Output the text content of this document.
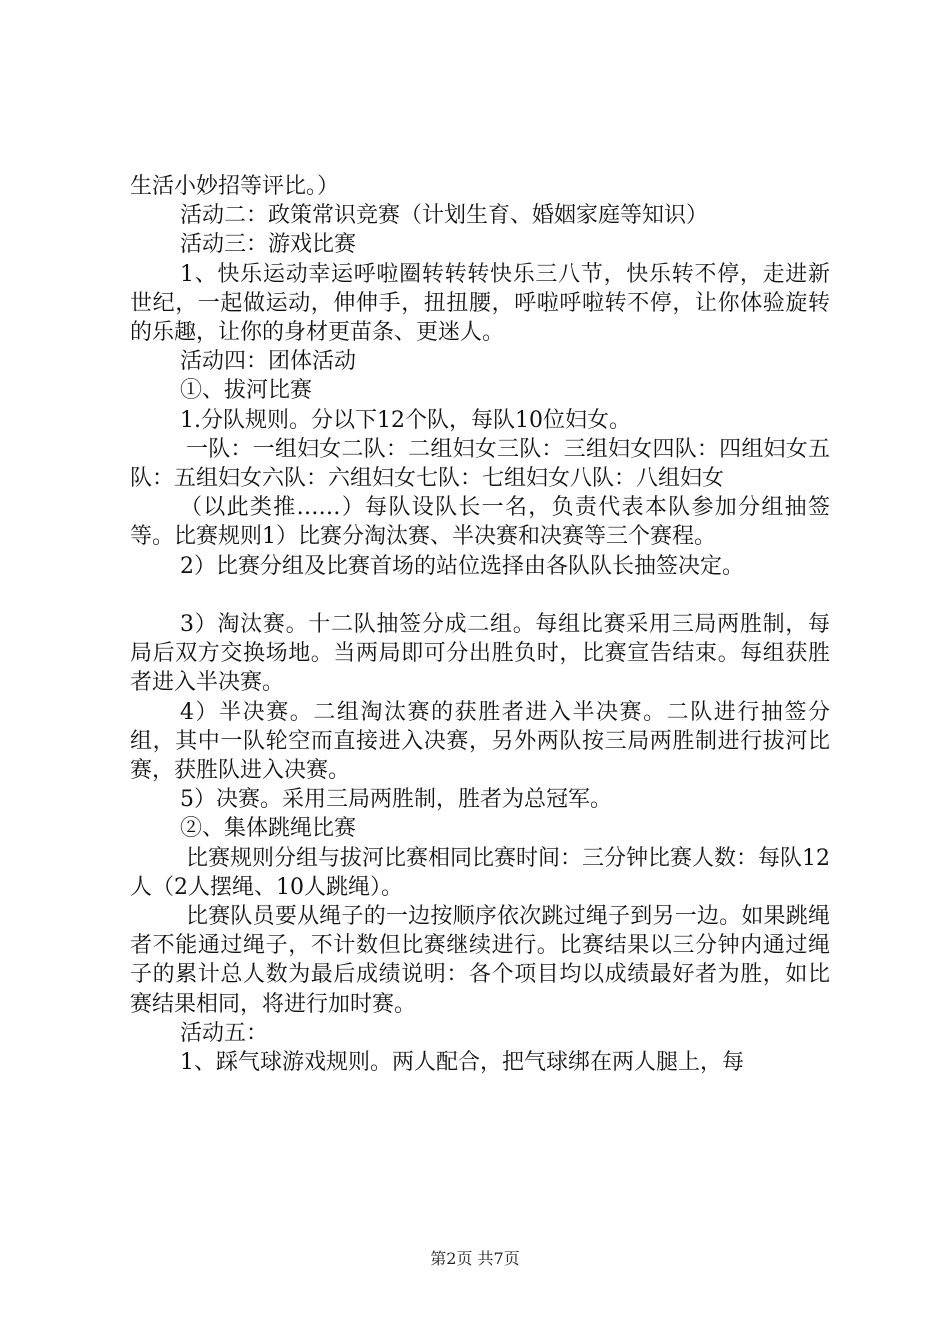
生活小妙招等评比。）

活动二：政策常识竞赛（计划生育、婚姻家庭等知识）

活动三：游戏比赛

1、快乐运动幸运呼啦圈转转转快乐三八节，快乐转不停，走进新世纪，一起做运动，伸伸手，扭扭腰，呼啦呼啦转不停，让你体验旋转的乐趣，让你的身材更苗条、更迷人。

活动四：团体活动

①、拔河比赛

1.分队规则。分以下12个队，每队10位妇女。

一队：一组妇女二队：二组妇女三队：三组妇女四队：四组妇女五队：五组妇女六队：六组妇女七队：七组妇女八队：八组妇女

（以此类推……）每队设队长一名，负责代表本队参加分组抽签等。比赛规则1）比赛分淘汰赛、半决赛和决赛等三个赛程。

2）比赛分组及比赛首场的站位选择由各队队长抽签决定。

3）淘汰赛。十二队抽签分成二组。每组比赛采用三局两胜制，每局后双方交换场地。当两局即可分出胜负时，比赛宣告结束。每组获胜者进入半决赛。

4）半决赛。二组淘汰赛的获胜者进入半决赛。二队进行抽签分组，其中一队轮空而直接进入决赛，另外两队按三局两胜制进行拔河比赛，获胜队进入决赛。

5）决赛。采用三局两胜制，胜者为总冠军。

②、集体跳绳比赛

比赛规则分组与拔河比赛相同比赛时间：三分钟比赛人数：每队12人（2人摆绳、10人跳绳）。

比赛队员要从绳子的一边按顺序依次跳过绳子到另一边。如果跳绳者不能通过绳子，不计数但比赛继续进行。比赛结果以三分钟内通过绳子的累计总人数为最后成绩说明：各个项目均以成绩最好者为胜，如比赛结果相同，将进行加时赛。

活动五：

1、踩气球游戏规则。两人配合，把气球绑在两人腿上，每

第2页 共7页
